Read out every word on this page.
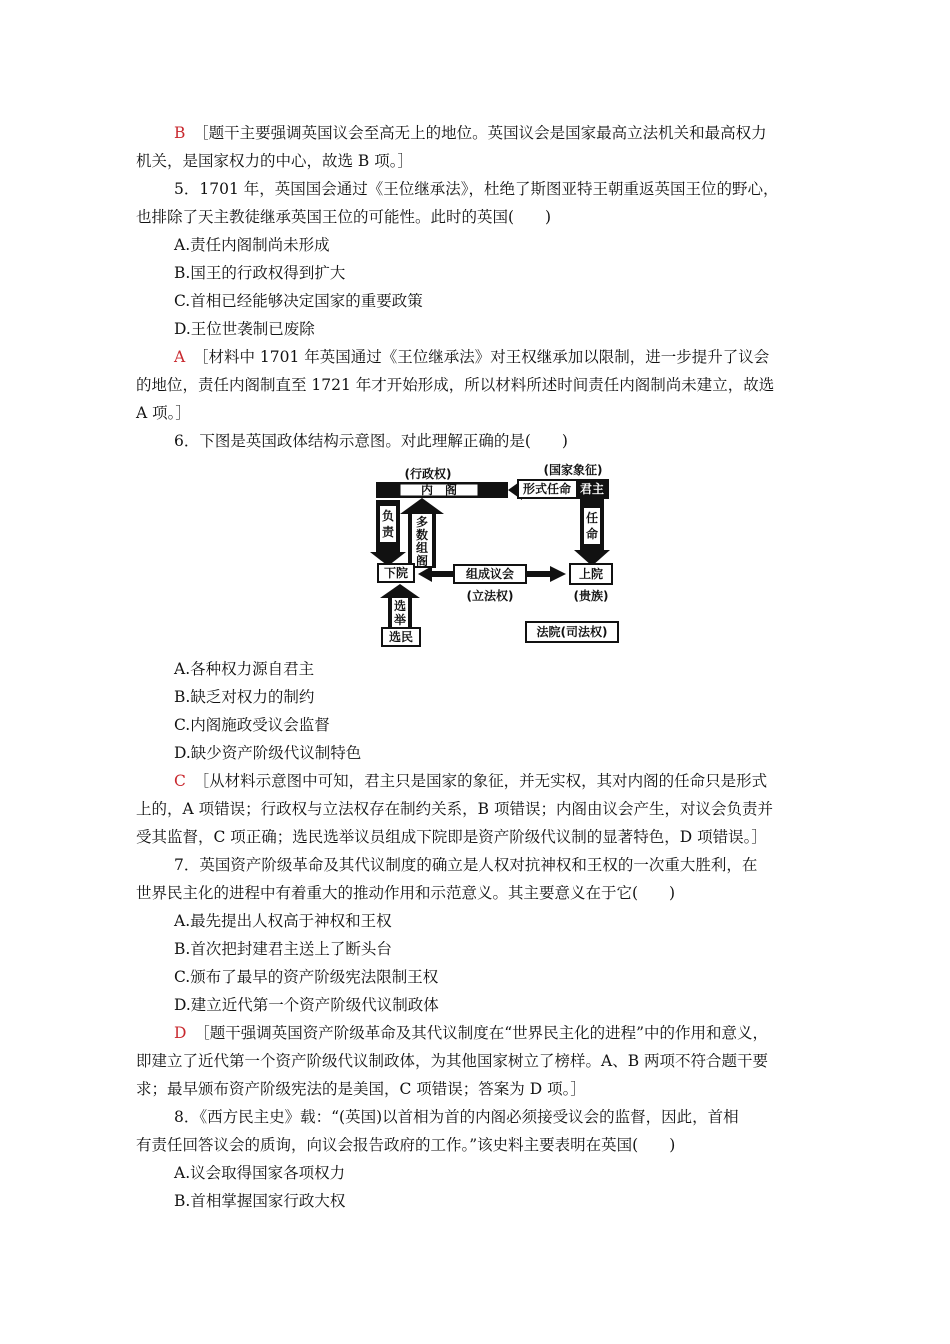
B　 ［题干主要强调英国议会至高无上的地位。英国议会是国家最高立法机关和最高权力
机关，是国家权力的中心，故选 B 项。］
5．1701 年，英国国会通过《王位继承法》，杜绝了斯图亚特王朝重返英国王位的野心，
也排除了天主教徒继承英国王位的可能性。此时的英国(　　)
A.责任内阁制尚未形成
B.国王的行政权得到扩大
C.首相已经能够决定国家的重要政策
D.王位世袭制已废除
A　 ［材料中 1701 年英国通过《王位继承法》对王权继承加以限制，进一步提升了议会
的地位，责任内阁制直至 1721 年才开始形成，所以材料所述时间责任内阁制尚未建立，故选
A 项。］
6．下图是英国政体结构示意图。对此理解正确的是(　　)
(行政权)
内　阁
(国家象征)
形式任命 君主
负
责
多
数
组
阁
任
命
下院	组成议会	上院
(立法权)	(贵族)
选
举
选民	法院(司法权)
A.各种权力源自君主
B.缺乏对权力的制约
C.内阁施政受议会监督
D.缺少资产阶级代议制特色
C　 ［从材料示意图中可知，君主只是国家的象征，并无实权，其对内阁的任命只是形式
上的，A 项错误；行政权与立法权存在制约关系，B 项错误；内阁由议会产生，对议会负责并
受其监督，C 项正确；选民选举议员组成下院即是资产阶级代议制的显著特色，D 项错误。］
7．英国资产阶级革命及其代议制度的确立是人权对抗神权和王权的一次重大胜利，在
世界民主化的进程中有着重大的推动作用和示范意义。其主要意义在于它(　　)
A.最先提出人权高于神权和王权
B.首次把封建君主送上了断头台
C.颁布了最早的资产阶级宪法限制王权
D.建立近代第一个资产阶级代议制政体
D　 ［题干强调英国资产阶级革命及其代议制度在“世界民主化的进程”中的作用和意义，
即建立了近代第一个资产阶级代议制政体，为其他国家树立了榜样。A、B 两项不符合题干要
求；最早颁布资产阶级宪法的是美国，C 项错误；答案为 D 项。］
8．《西方民主史》载：“(英国)以首相为首的内阁必须接受议会的监督，因此，首相
有责任回答议会的质询，向议会报告政府的工作。”该史料主要表明在英国(　　)
A.议会取得国家各项权力
B.首相掌握国家行政大权
